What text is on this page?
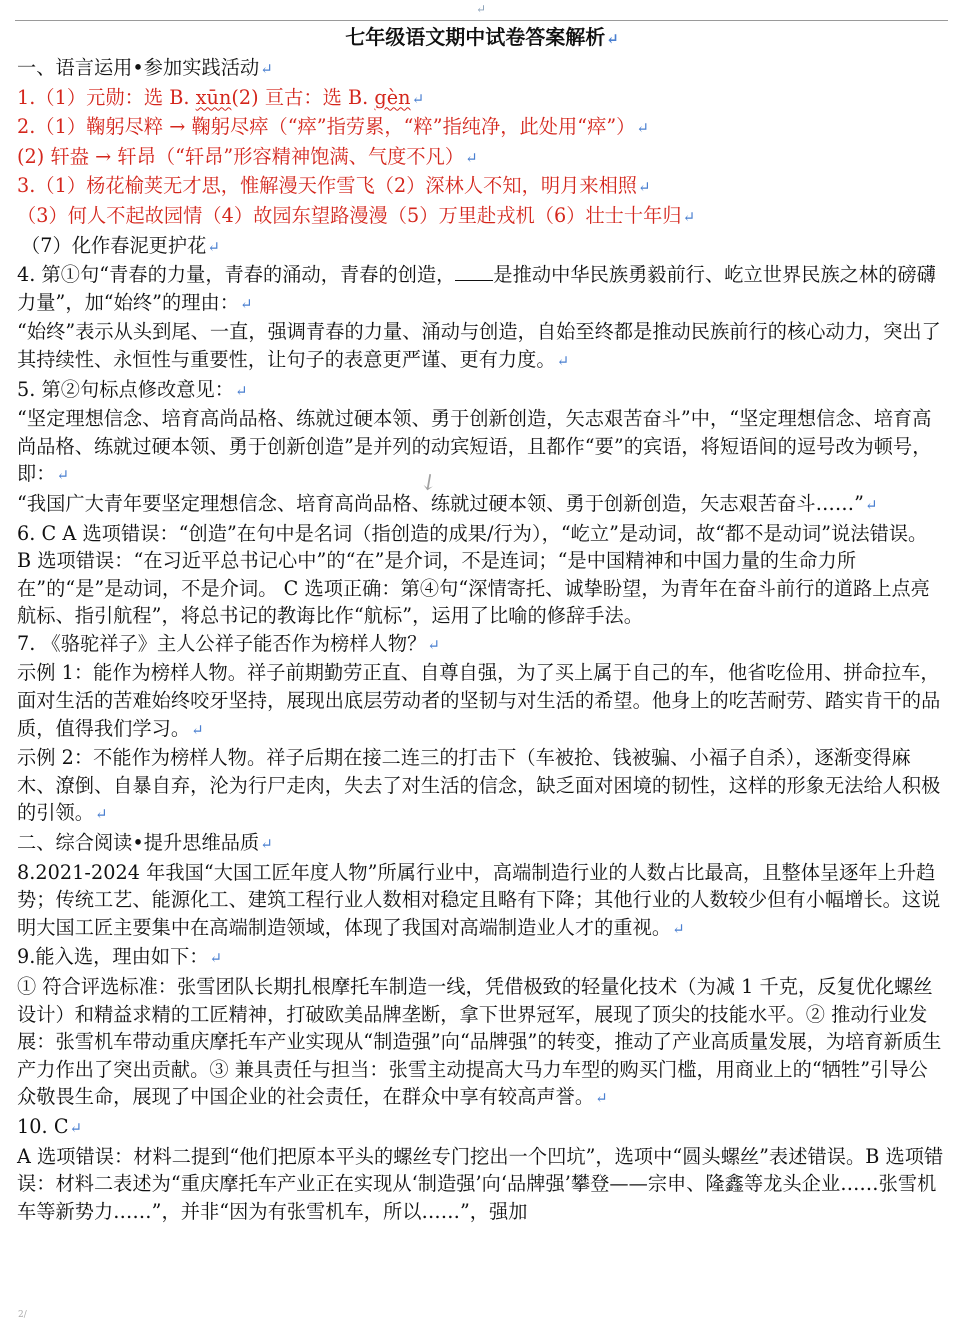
↵
七年级语文期中试卷答案解析↵

一、语言运用•参加实践活动↵

1.（1）元勋：选 B. xūn(2) 亘古：选 B. gèn↵

2.（1）鞠躬尽粹 → 鞠躬尽瘁（“瘁”指劳累，“粹”指纯净，此处用“瘁”）↵

(2) 轩盎 → 轩昂（“轩昂”形容精神饱满、气度不凡）↵

3.（1）杨花榆荚无才思，惟解漫天作雪飞（2）深林人不知，明月来相照↵

（3）何人不起故园情（4）故园东望路漫漫（5）万里赴戎机（6）壮士十年归↵

（7）化作春泥更护花↵

4. 第①句“青春的力量，青春的涌动，青春的创造， 是推动中华民族勇毅前行、屹立世界民族之林的磅礴力量”，加“始终”的理由：↵

“始终”表示从头到尾、一直，强调青春的力量、涌动与创造，自始至终都是推动民族前行的核心动力，突出了其持续性、永恒性与重要性，让句子的表意更严谨、更有力度。↵

5. 第②句标点修改意见：↵

“坚定理想信念、培育高尚品格、练就过硬本领、勇于创新创造，矢志艰苦奋斗”中，“坚定理想信念、培育高尚品格、练就过硬本领、勇于创新创造”是并列的动宾短语，且都作“要”的宾语，将短语间的逗号改为顿号，即：↵

“我国广大青年要坚定理想信念、培育高尚品格、练就过硬本领、勇于创新创造，矢志艰苦奋斗……”↵

6. C A 选项错误：“创造”在句中是名词（指创造的成果/行为），“屹立”是动词，故“都不是动词”说法错误。 B 选项错误：“在习近平总书记心中”的“在”是介词，不是连词；“是中国精神和中国力量的生命力所在”的“是”是动词，不是介词。 C 选项正确：第④句“深情寄托、诚挚盼望，为青年在奋斗前行的道路上点亮航标、指引航程”，将总书记的教诲比作“航标”，运用了比喻的修辞手法。

7. 《骆驼祥子》主人公祥子能否作为榜样人物？↵

示例 1：能作为榜样人物。祥子前期勤劳正直、自尊自强，为了买上属于自己的车，他省吃俭用、拼命拉车，面对生活的苦难始终咬牙坚持，展现出底层劳动者的坚韧与对生活的希望。他身上的吃苦耐劳、踏实肯干的品质，值得我们学习。↵

示例 2：不能作为榜样人物。祥子后期在接二连三的打击下（车被抢、钱被骗、小福子自杀），逐渐变得麻木、潦倒、自暴自弃，沦为行尸走肉，失去了对生活的信念，缺乏面对困境的韧性，这样的形象无法给人积极的引领。↵

二、综合阅读•提升思维品质↵

8.2021-2024 年我国“大国工匠年度人物”所属行业中，高端制造行业的人数占比最高，且整体呈逐年上升趋势；传统工艺、能源化工、建筑工程行业人数相对稳定且略有下降；其他行业的人数较少但有小幅增长。这说明大国工匠主要集中在高端制造领域，体现了我国对高端制造业人才的重视。↵

9.能入选，理由如下：↵

① 符合评选标准：张雪团队长期扎根摩托车制造一线，凭借极致的轻量化技术（为减 1 千克，反复优化螺丝设计）和精益求精的工匠精神，打破欧美品牌垄断，拿下世界冠军，展现了顶尖的技能水平。② 推动行业发展：张雪机车带动重庆摩托车产业实现从“制造强”向“品牌强”的转变，推动了产业高质量发展，为培育新质生产力作出了突出贡献。③ 兼具责任与担当：张雪主动提高大马力车型的购买门槛，用商业上的“牺牲”引导公众敬畏生命，展现了中国企业的社会责任，在群众中享有较高声誉。↵

10. C↵

A 选项错误：材料二提到“他们把原本平头的螺丝专门挖出一个凹坑”，选项中“圆头螺丝”表述错误。B 选项错误：材料二表述为“重庆摩托车产业正在实现从‘制造强’向‘品牌强’攀登——宗申、隆鑫等龙头企业……张雪机车等新势力……”，并非“因为有张雪机车，所以……”，强加

↙
2/
